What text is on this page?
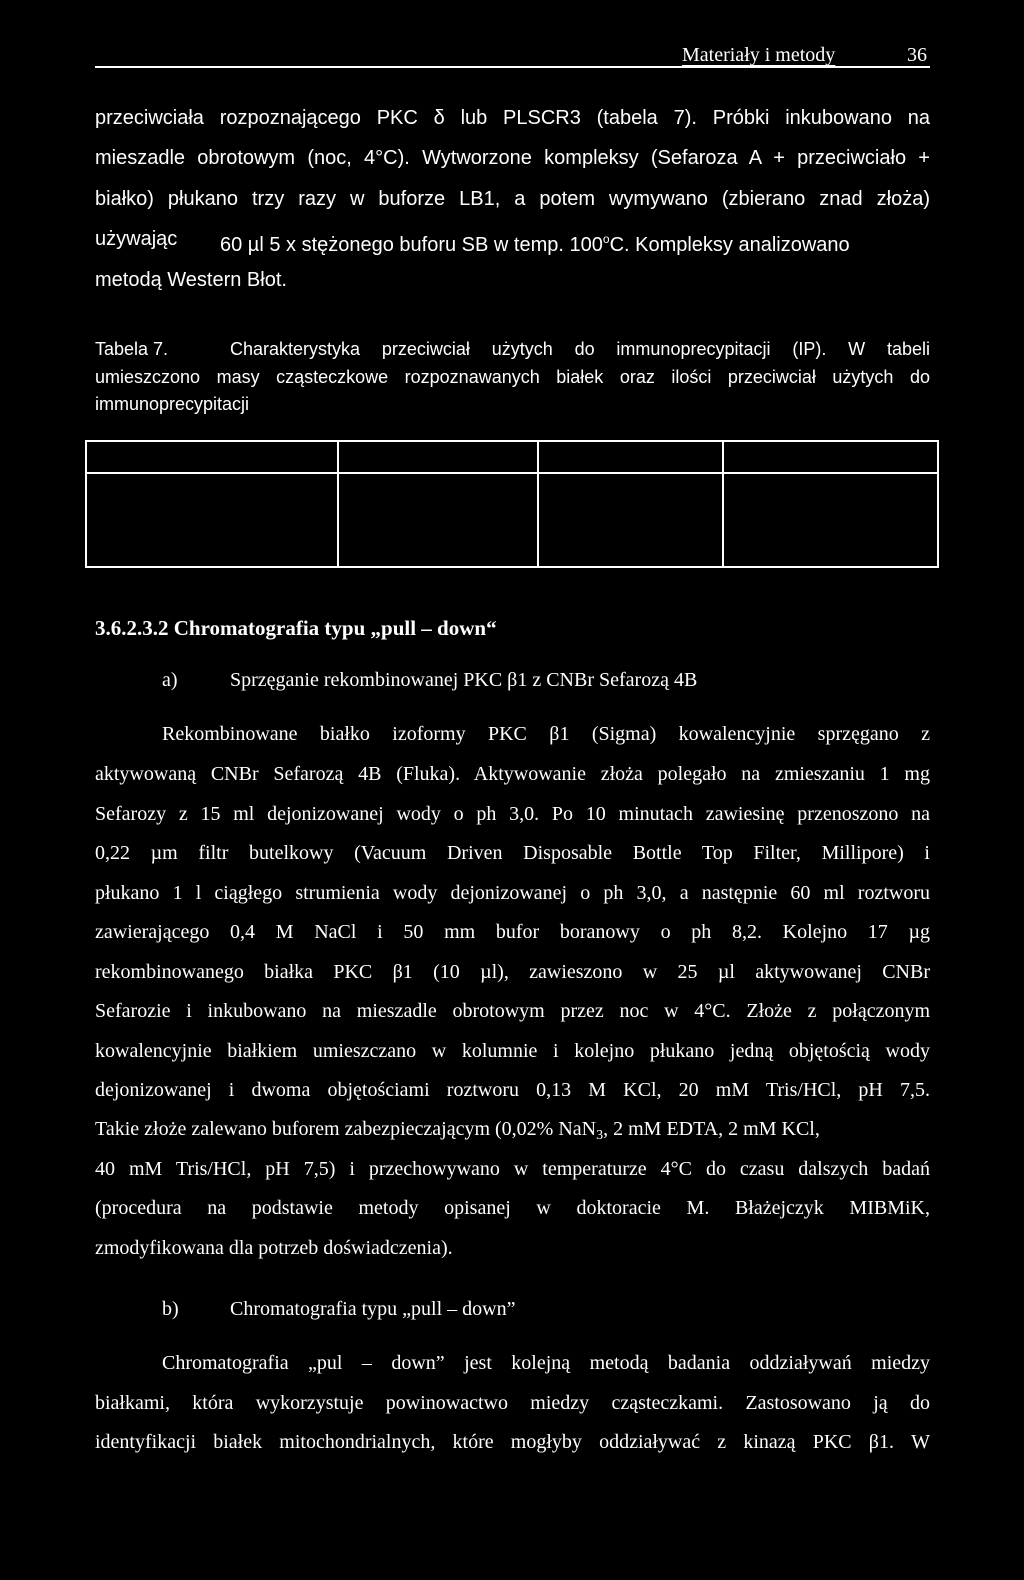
Materiały i metody	36
przeciwciała rozpoznającego PKC δ lub PLSCR3 (tabela 7). Próbki inkubowano na
mieszadle obrotowym (noc, 4°C). Wytworzone kompleksy (Sefaroza A + przeciwciało +
białko) płukano trzy razy w buforze LB1, a potem wymywano (zbierano znad złoża)
używając 60 µl 5 x stężonego buforu SB w temp. 100$^o$C. Kompleksy analizowano
metodą Western Błot.
Tabela 7.	Charakterystyka przeciwciał użytych do immunoprecypitacji (IP). W tabeli
umieszczono masy cząsteczkowe rozpoznawanych białek oraz ilości przeciwciał użytych do
immunoprecypitacji

3.6.2.3.2 Chromatografia typu „pull – down“
a)	Sprzęganie rekombinowanej PKC β1 z CNBr Sefarozą 4B
Rekombinowane białko izoformy PKC β1 (Sigma) kowalencyjnie sprzęgano z
aktywowaną CNBr Sefarozą 4B (Fluka). Aktywowanie złoża polegało na zmieszaniu 1 mg
Sefarozy z 15 ml dejonizowanej wody o ph 3,0. Po 10 minutach zawiesinę przenoszono na
0,22 µm filtr butelkowy (Vacuum Driven Disposable Bottle Top Filter, Millipore) i
płukano 1 l ciągłego strumienia wody dejonizowanej o ph 3,0, a następnie 60 ml roztworu
zawierającego 0,4 M NaCl i 50 mm bufor boranowy o ph 8,2. Kolejno 17 µg
rekombinowanego białka PKC β1 (10 µl), zawieszono w 25 µl aktywowanej CNBr
Sefarozie i inkubowano na mieszadle obrotowym przez noc w 4°C. Złoże z połączonym
kowalencyjnie białkiem umieszczano w kolumnie i kolejno płukano jedną objętością wody
dejonizowanej i dwoma objętościami roztworu 0,13 M KCl, 20 mM Tris/HCl, pH 7,5.
Takie złoże zalewano buforem zabezpieczającym (0,02% NaN$_3$, 2 mM EDTA, 2 mM KCl,
40 mM Tris/HCl, pH 7,5) i przechowywano w temperaturze 4°C do czasu dalszych badań
(procedura na podstawie metody opisanej w doktoracie M. Błażejczyk MIBMiK,
zmodyfikowana dla potrzeb doświadczenia).
b)	Chromatografia typu „pull – down”
Chromatografia „pul – down” jest kolejną metodą badania oddziaływań miedzy
białkami, która wykorzystuje powinowactwo miedzy cząsteczkami. Zastosowano ją do
identyfikacji białek mitochondrialnych, które mogłyby oddziaływać z kinazą PKC β1. W
